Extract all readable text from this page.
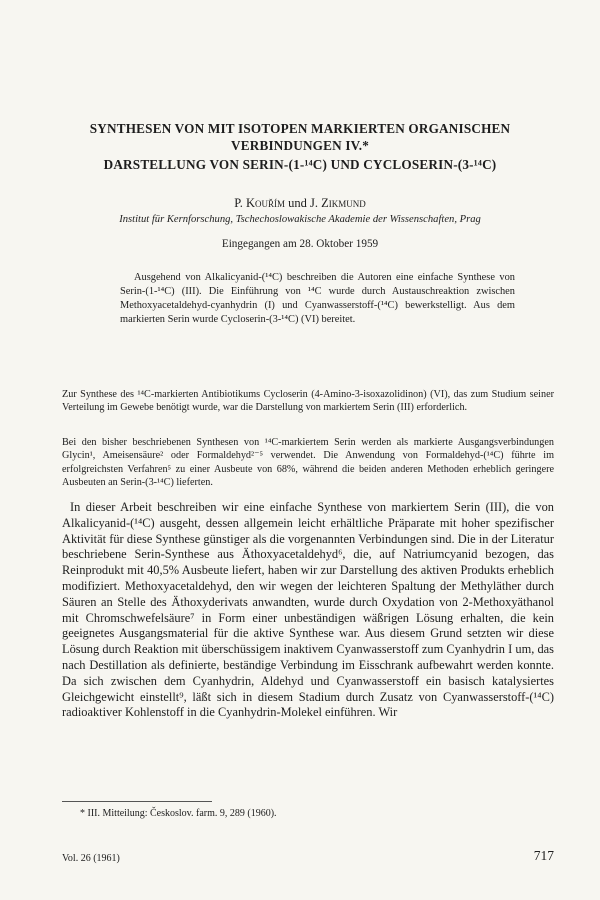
SYNTHESEN VON MIT ISOTOPEN MARKIERTEN ORGANISCHEN
VERBINDUNGEN IV.*
DARSTELLUNG VON SERIN-(1-¹⁴C) UND CYCLOSERIN-(3-¹⁴C)

P. Kouřím und J. Zikmund

Institut für Kernforschung, Tschechoslowakische Akademie der Wissenschaften, Prag

Eingegangen am 28. Oktober 1959

Ausgehend von Alkalicyanid-(¹⁴C) beschreiben die Autoren eine einfache Synthese von Serin-(1-¹⁴C) (III). Die Einführung von ¹⁴C wurde durch Austauschreaktion zwischen Methoxyacetaldehyd-cyanhydrin (I) und Cyanwasserstoff-(¹⁴C) bewerkstelligt. Aus dem markierten Serin wurde Cycloserin-(3-¹⁴C) (VI) bereitet.

Zur Synthese des ¹⁴C-markierten Antibiotikums Cycloserin (4-Amino-3-isoxazolidinon) (VI), das zum Studium seiner Verteilung im Gewebe benötigt wurde, war die Darstellung von markiertem Serin (III) erforderlich.

Bei den bisher beschriebenen Synthesen von ¹⁴C-markiertem Serin werden als markierte Ausgangsverbindungen Glycin¹, Ameisensäure² oder Formaldehyd²⁻⁵ verwendet. Die Anwendung von Formaldehyd-(¹⁴C) führte im erfolgreichsten Verfahren⁵ zu einer Ausbeute von 68%, während die beiden anderen Methoden erheblich geringere Ausbeuten an Serin-(3-¹⁴C) lieferten.

In dieser Arbeit beschreiben wir eine einfache Synthese von markiertem Serin (III), die von Alkalicyanid-(¹⁴C) ausgeht, dessen allgemein leicht erhältliche Präparate mit hoher spezifischer Aktivität für diese Synthese günstiger als die vorgenannten Verbindungen sind. Die in der Literatur beschriebene Serin-Synthese aus Äthoxyacetaldehyd⁶, die, auf Natriumcyanid bezogen, das Reinprodukt mit 40,5% Ausbeute liefert, haben wir zur Darstellung des aktiven Produkts erheblich modifiziert. Methoxyacetaldehyd, den wir wegen der leichteren Spaltung der Methyläther durch Säuren an Stelle des Äthoxyderivats anwandten, wurde durch Oxydation von 2-Methoxyäthanol mit Chromschwefelsäure⁷ in Form einer unbeständigen wäßrigen Lösung erhalten, die kein geeignetes Ausgangsmaterial für die aktive Synthese war. Aus diesem Grund setzten wir diese Lösung durch Reaktion mit überschüssigem inaktivem Cyanwasserstoff zum Cyanhydrin I um, das nach Destillation als definierte, beständige Verbindung im Eisschrank aufbewahrt werden konnte. Da sich zwischen dem Cyanhydrin, Aldehyd und Cyanwasserstoff ein basisch katalysiertes Gleichgewicht einstellt⁹, läßt sich in diesem Stadium durch Zusatz von Cyanwasserstoff-(¹⁴C) radioaktiver Kohlenstoff in die Cyanhydrin-Molekel einführen. Wir

* III. Mitteilung: Českoslov. farm. 9, 289 (1960).

Vol. 26 (1961)	717
